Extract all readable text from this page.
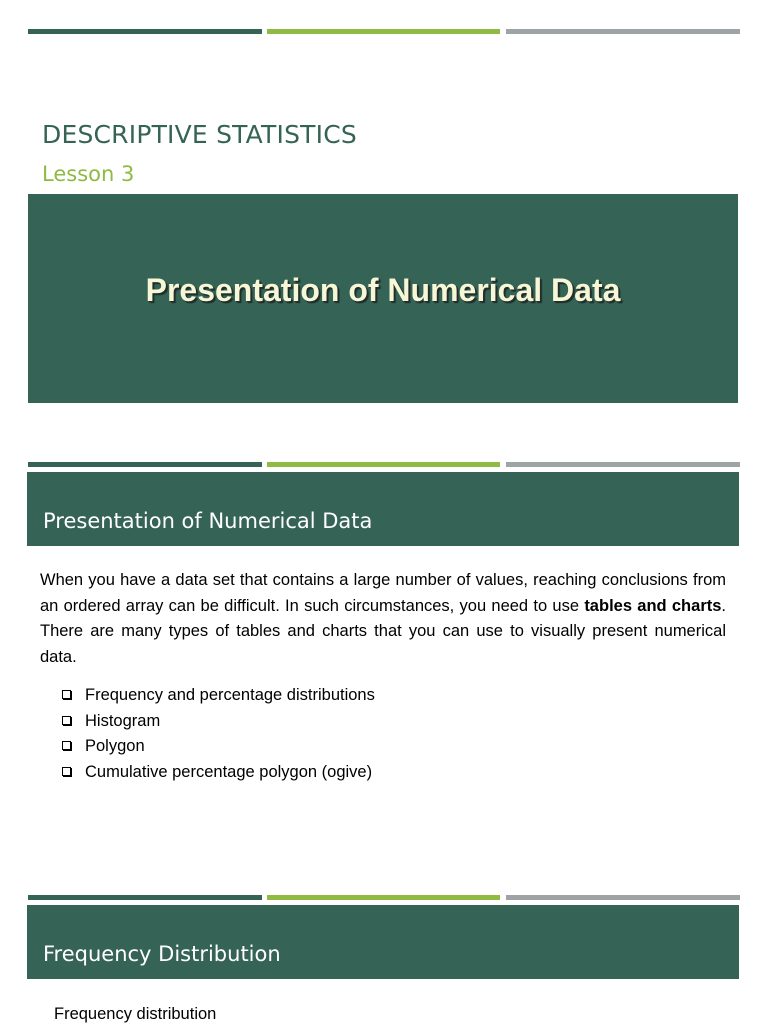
DESCRIPTIVE STATISTICS

Lesson 3

Presentation of Numerical Data
Presentation of Numerical Data

When you have a data set that contains a large number of values, reaching conclusions from an ordered array can be difficult. In such circumstances, you need to use tables and charts. There are many types of tables and charts that you can use to visually present numerical data.

Frequency and percentage distributions
Histogram
Polygon
Cumulative percentage polygon (ogive)
Frequency Distribution

Frequency distribution
